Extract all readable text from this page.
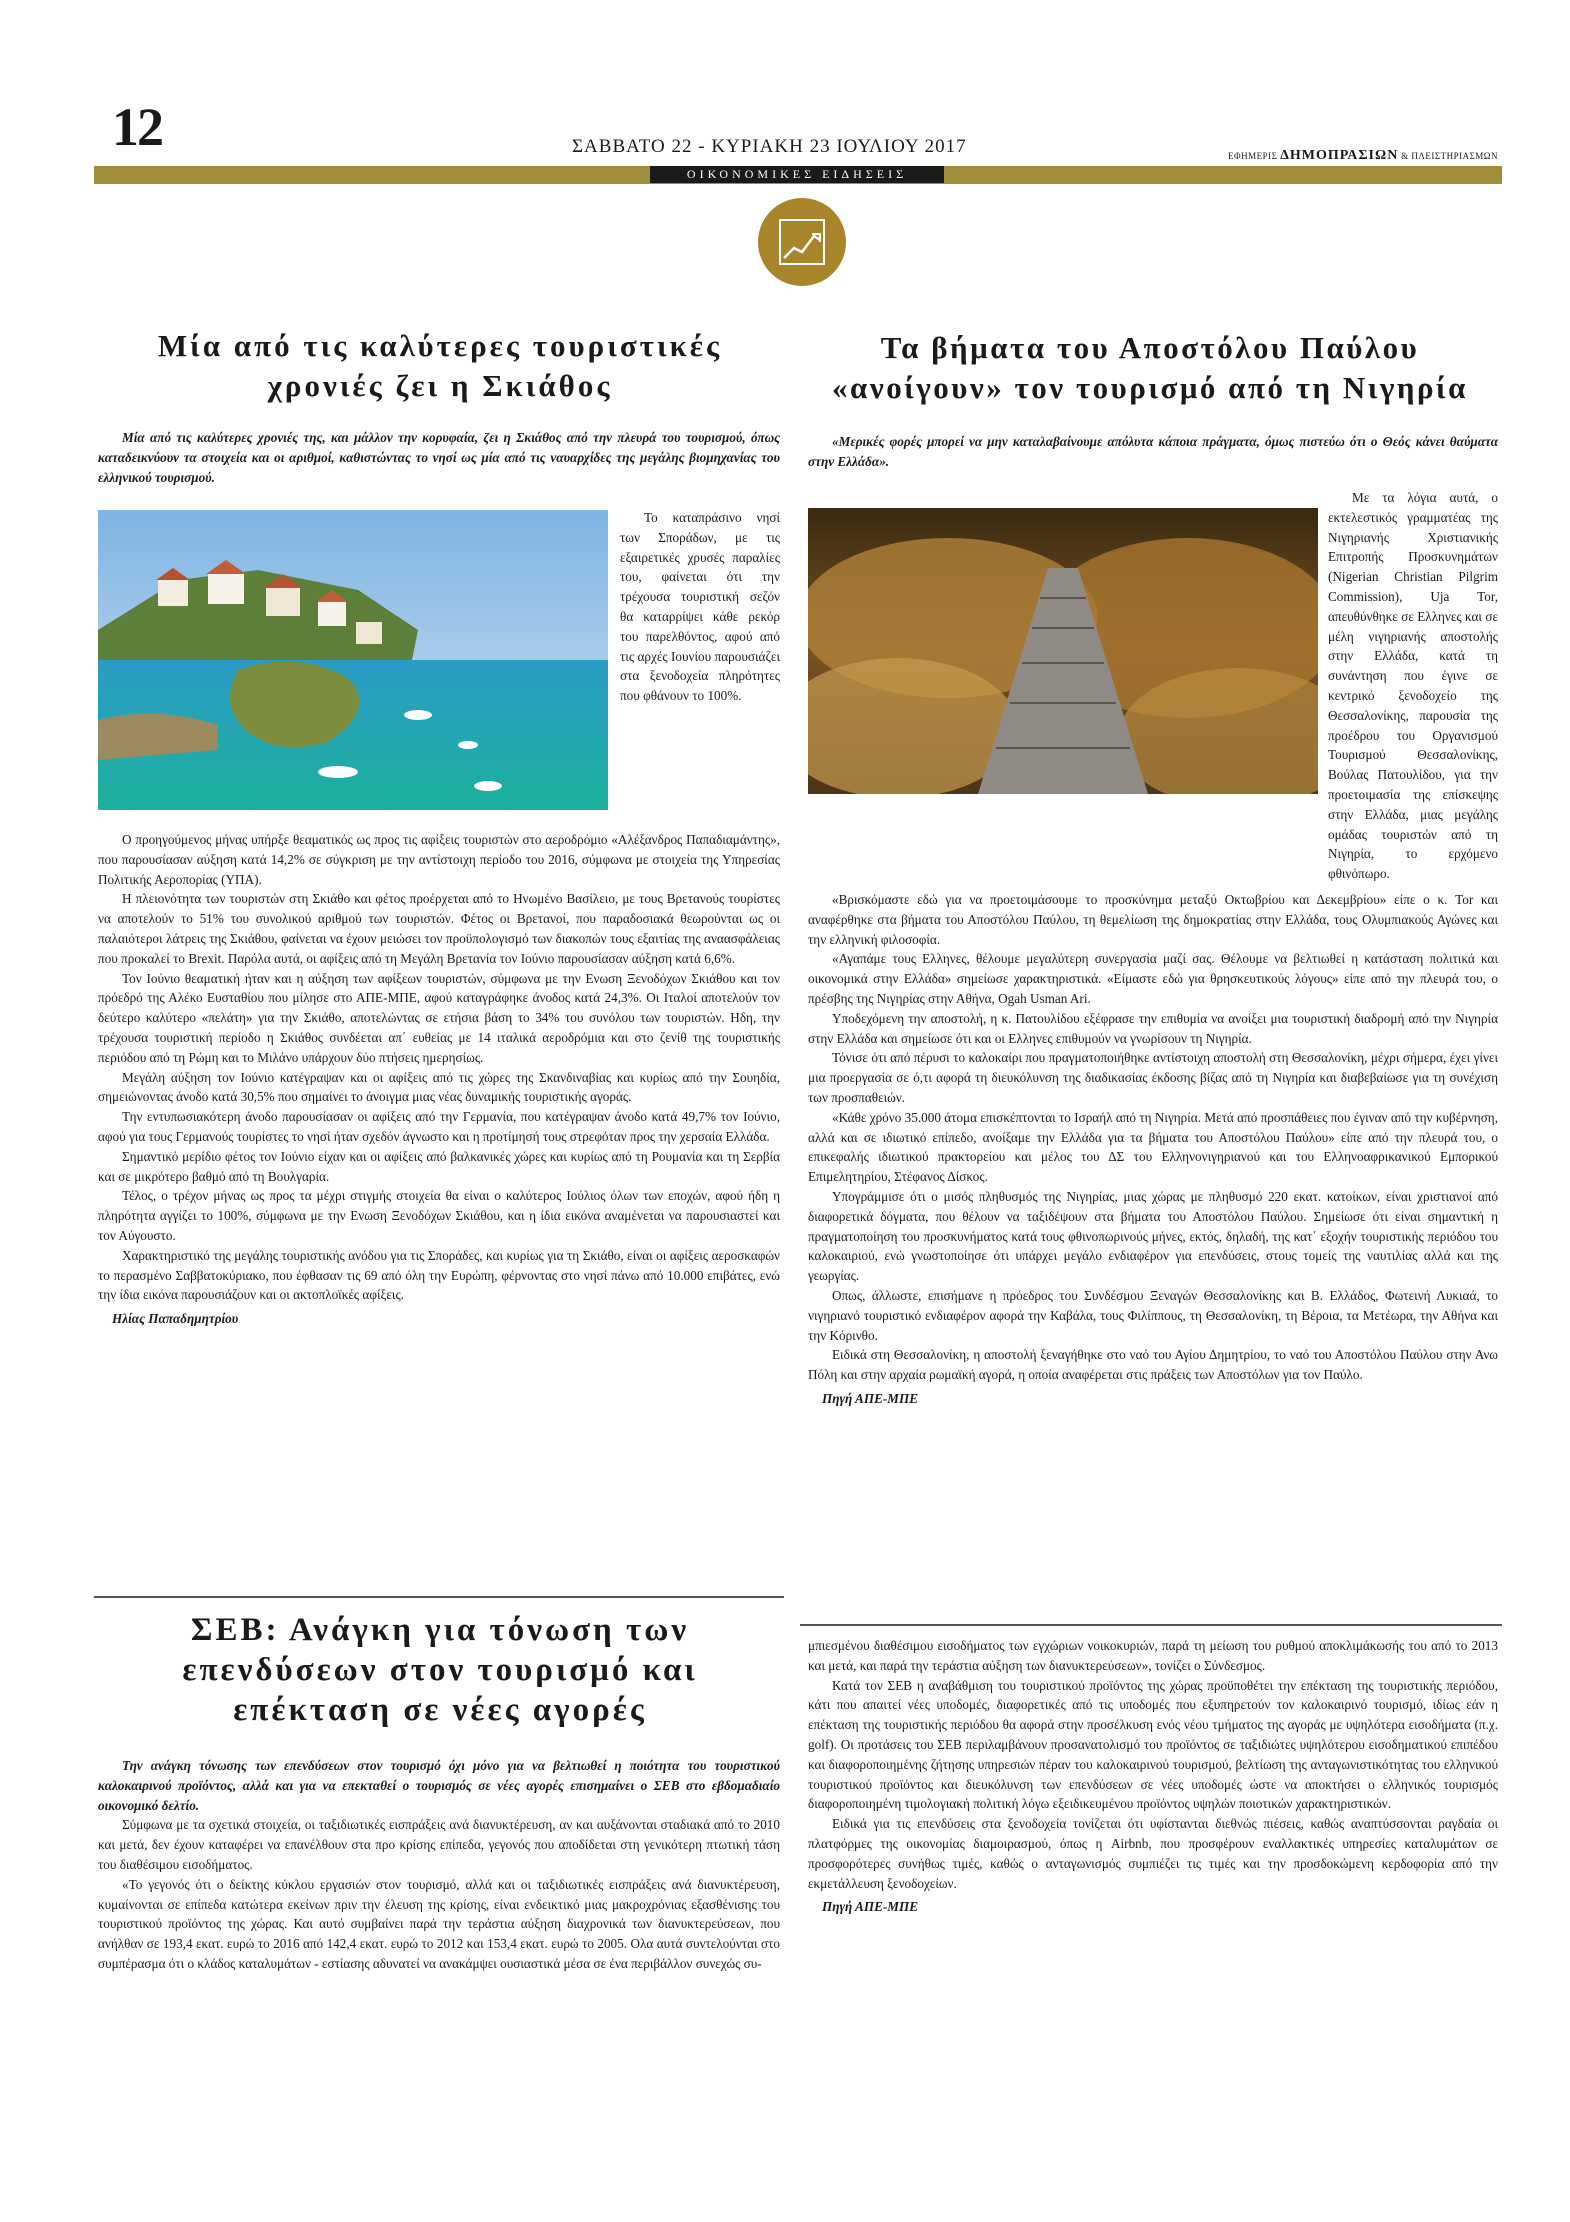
12	ΣΑΒΒΑΤΟ 22 - ΚΥΡΙΑΚΗ 23 ΙΟΥΛΙΟΥ 2017	ΕΦΗΜΕΡΙΣ ΔΗΜΟΠΡΑΣΙΩΝ & ΠΛΕΙΣΤΗΡΙΑΣΜΩΝ
ΟΙΚΟΝΟΜΙΚΕΣ ΕΙΔΗΣΕΙΣ
Μία από τις καλύτερες τουριστικές
χρονιές ζει η Σκιάθος

Μία από τις καλύτερες χρονιές της, και μάλλον την κορυφαία, ζει η Σκιάθος από την πλευρά του τουρισμού, όπως καταδεικνύουν τα στοιχεία και οι αριθμοί, καθιστώντας το νησί ως μία από τις ναυαρχίδες της μεγάλης βιομηχανίας του ελληνικού τουρισμού.

Το καταπράσινο νησί των Σποράδων, με τις εξαιρετικές χρυσές παραλίες του, φαίνεται ότι την τρέχουσα τουριστική σεζόν θα καταρρίψει κάθε ρεκόρ του παρελθόντος, αφού από τις αρχές Ιουνίου παρουσιάζει στα ξενοδοχεία πληρότητες που φθάνουν το 100%.

Ο προηγούμενος μήνας υπήρξε θεαματικός ως προς τις αφίξεις τουριστών στο αεροδρόμιο «Αλέξανδρος Παπαδιαμάντης», που παρουσίασαν αύξηση κατά 14,2% σε σύγκριση με την αντίστοιχη περίοδο του 2016, σύμφωνα με στοιχεία της Υπηρεσίας Πολιτικής Αεροπορίας (ΥΠΑ).

Η πλειονότητα των τουριστών στη Σκιάθο και φέτος προέρχεται από το Ηνωμένο Βασίλειο, με τους Βρετανούς τουρίστες να αποτελούν το 51% του συνολικού αριθμού των τουριστών. Φέτος οι Βρετανοί, που παραδοσιακά θεωρούνται ως οι παλαιότεροι λάτρεις της Σκιάθου, φαίνεται να έχουν μειώσει τον προϋπολογισμό των διακοπών τους εξαιτίας της αναασφάλειας που προκαλεί το Brexit. Παρόλα αυτά, οι αφίξεις από τη Μεγάλη Βρετανία τον Ιούνιο παρουσίασαν αύξηση κατά 6,6%.

Τον Ιούνιο θεαματική ήταν και η αύξηση των αφίξεων τουριστών, σύμφωνα με την Ενωση Ξενοδόχων Σκιάθου και τον πρόεδρό της Αλέκο Ευσταθίου που μίλησε στο ΑΠΕ-ΜΠΕ, αφού καταγράφηκε άνοδος κατά 24,3%. Οι Ιταλοί αποτελούν τον δεύτερο καλύτερο «πελάτη» για την Σκιάθο, αποτελώντας σε ετήσια βάση το 34% του συνόλου των τουριστών. Ηδη, την τρέχουσα τουριστική περίοδο η Σκιάθος συνδέεται απ΄ ευθείας με 14 ιταλικά αεροδρόμια και στο ζενίθ της τουριστικής περιόδου από τη Ρώμη και το Μιλάνο υπάρχουν δύο πτήσεις ημερησίως.

Μεγάλη αύξηση τον Ιούνιο κατέγραψαν και οι αφίξεις από τις χώρες της Σκανδιναβίας και κυρίως από την Σουηδία, σημειώνοντας άνοδο κατά 30,5% που σημαίνει το άνοιγμα μιας νέας δυναμικής τουριστικής αγοράς.

Την εντυπωσιακότερη άνοδο παρουσίασαν οι αφίξεις από την Γερμανία, που κατέγραψαν άνοδο κατά 49,7% τον Ιούνιο, αφού για τους Γερμανούς τουρίστες το νησί ήταν σχεδόν άγνωστο και η προτίμησή τους στρεφόταν προς την χερσαία Ελλάδα.

Σημαντικό μερίδιο φέτος τον Ιούνιο είχαν και οι αφίξεις από βαλκανικές χώρες και κυρίως από τη Ρουμανία και τη Σερβία και σε μικρότερο βαθμό από τη Βουλγαρία.

Τέλος, ο τρέχον μήνας ως προς τα μέχρι στιγμής στοιχεία θα είναι ο καλύτερος Ιούλιος όλων των εποχών, αφού ήδη η πληρότητα αγγίζει το 100%, σύμφωνα με την Ενωση Ξενοδόχων Σκιάθου, και η ίδια εικόνα αναμένεται να παρουσιαστεί και τον Αύγουστο.

Χαρακτηριστικό της μεγάλης τουριστικής ανόδου για τις Σποράδες, και κυρίως για τη Σκιάθο, είναι οι αφίξεις αεροσκαφών το περασμένο Σαββατοκύριακο, που έφθασαν τις 69 από όλη την Ευρώπη, φέρνοντας στο νησί πάνω από 10.000 επιβάτες, ενώ την ίδια εικόνα παρουσιάζουν και οι ακτοπλοϊκές αφίξεις.

Ηλίας Παπαδημητρίου

Τα βήματα του Αποστόλου Παύλου
«ανοίγουν» τον τουρισμό από τη Νιγηρία

«Μερικές φορές μπορεί να μην καταλαβαίνουμε απόλυτα κάποια πράγματα, όμως πιστεύω ότι ο Θεός κάνει θαύματα στην Ελλάδα».

Με τα λόγια αυτά, ο εκτελεστικός γραμματέας της Νιγηριανής Χριστιανικής Επιτροπής Προσκυνημάτων (Nigerian Christian Pilgrim Commission), Uja Tor, απευθύνθηκε σε Ελληνες και σε μέλη νιγηριανής αποστολής στην Ελλάδα, κατά τη συνάντηση που έγινε σε κεντρικό ξενοδοχείο της Θεσσαλονίκης, παρουσία της προέδρου του Οργανισμού Τουρισμού Θεσσαλονίκης, Βούλας Πατουλίδου, για την προετοιμασία της επίσκεψης στην Ελλάδα, μιας μεγάλης ομάδας τουριστών από τη Νιγηρία, το ερχόμενο φθινόπωρο.

«Βρισκόμαστε εδώ για να προετοιμάσουμε το προσκύνημα μεταξύ Οκτωβρίου και Δεκεμβρίου» είπε ο κ. Tor και αναφέρθηκε στα βήματα του Αποστόλου Παύλου, τη θεμελίωση της δημοκρατίας στην Ελλάδα, τους Ολυμπιακούς Αγώνες και την ελληνική φιλοσοφία.

«Αγαπάμε τους Ελληνες, θέλουμε μεγαλύτερη συνεργασία μαζί σας. Θέλουμε να βελτιωθεί η κατάσταση πολιτικά και οικονομικά στην Ελλάδα» σημείωσε χαρακτηριστικά. «Είμαστε εδώ για θρησκευτικούς λόγους» είπε από την πλευρά του, ο πρέσβης της Νιγηρίας στην Αθήνα, Ogah Usman Ari.

Υποδεχόμενη την αποστολή, η κ. Πατουλίδου εξέφρασε την επιθυμία να ανοίξει μια τουριστική διαδρομή από την Νιγηρία στην Ελλάδα και σημείωσε ότι και οι Ελληνες επιθυμούν να γνωρίσουν τη Νιγηρία.

Τόνισε ότι από πέρυσι το καλοκαίρι που πραγματοποιήθηκε αντίστοιχη αποστολή στη Θεσσαλονίκη, μέχρι σήμερα, έχει γίνει μια προεργασία σε ό,τι αφορά τη διευκόλυνση της διαδικασίας έκδοσης βίζας από τη Νιγηρία και διαβεβαίωσε για τη συνέχιση των προσπαθειών.

«Κάθε χρόνο 35.000 άτομα επισκέπτονται το Ισραήλ από τη Νιγηρία. Μετά από προσπάθειες που έγιναν από την κυβέρνηση, αλλά και σε ιδιωτικό επίπεδο, ανοίξαμε την Ελλάδα για τα βήματα του Αποστόλου Παύλου» είπε από την πλευρά του, ο επικεφαλής ιδιωτικού πρακτορείου και μέλος του ΔΣ του Ελληνονιγηριανού και του Ελληνοαφρικανικού Εμπορικού Επιμελητηρίου, Στέφανος Δίσκος.

Υπογράμμισε ότι ο μισός πληθυσμός της Νιγηρίας, μιας χώρας με πληθυσμό 220 εκατ. κατοίκων, είναι χριστιανοί από διαφορετικά δόγματα, που θέλουν να ταξιδέψουν στα βήματα του Αποστόλου Παύλου. Σημείωσε ότι είναι σημαντική η πραγματοποίηση του προσκυνήματος κατά τους φθινοπωρινούς μήνες, εκτός, δηλαδή, της κατ΄ εξοχήν τουριστικής περιόδου του καλοκαιριού, ενώ γνωστοποίησε ότι υπάρχει μεγάλο ενδιαφέρον για επενδύσεις, στους τομείς της ναυτιλίας αλλά και της γεωργίας.

Οπως, άλλωστε, επισήμανε η πρόεδρος του Συνδέσμου Ξεναγών Θεσσαλονίκης και Β. Ελλάδος, Φωτεινή Λυκιαά, το νιγηριανό τουριστικό ενδιαφέρον αφορά την Καβάλα, τους Φιλίππους, τη Θεσσαλονίκη, τη Βέροια, τα Μετέωρα, την Αθήνα και την Κόρινθο.

Ειδικά στη Θεσσαλονίκη, η αποστολή ξεναγήθηκε στο ναό του Αγίου Δημητρίου, το ναό του Αποστόλου Παύλου στην Ανω Πόλη και στην αρχαία ρωμαϊκή αγορά, η οποία αναφέρεται στις πράξεις των Αποστόλων για τον Παύλο.

Πηγή ΑΠΕ-ΜΠΕ

ΣΕΒ: Ανάγκη για τόνωση των
επενδύσεων στον τουρισμό και
επέκταση σε νέες αγορές

Την ανάγκη τόνωσης των επενδύσεων στον τουρισμό όχι μόνο για να βελτιωθεί η ποιότητα του τουριστικού καλοκαιρινού προϊόντος, αλλά και για να επεκταθεί ο τουρισμός σε νέες αγορές επισημαίνει ο ΣΕΒ στο εβδομαδιαίο οικονομικό δελτίο.

Σύμφωνα με τα σχετικά στοιχεία, οι ταξιδιωτικές εισπράξεις ανά διανυκτέρευση, αν και αυξάνονται σταδιακά από το 2010 και μετά, δεν έχουν καταφέρει να επανέλθουν στα προ κρίσης επίπεδα, γεγονός που αποδίδεται στη γενικότερη πτωτική τάση του διαθέσιμου εισοδήματος.

«Το γεγονός ότι ο δείκτης κύκλου εργασιών στον τουρισμό, αλλά και οι ταξιδιωτικές εισπράξεις ανά διανυκτέρευση, κυμαίνονται σε επίπεδα κατώτερα εκείνων πριν την έλευση της κρίσης, είναι ενδεικτικό μιας μακροχρόνιας εξασθένισης του τουριστικού προϊόντος της χώρας. Και αυτό συμβαίνει παρά την τεράστια αύξηση διαχρονικά των διανυκτερεύσεων, που ανήλθαν σε 193,4 εκατ. ευρώ το 2016 από 142,4 εκατ. ευρώ το 2012 και 153,4 εκατ. ευρώ το 2005. Ολα αυτά συντελούνται στο συμπέρασμα ότι ο κλάδος καταλυμάτων - εστίασης αδυνατεί να ανακάμψει ουσιαστικά μέσα σε ένα περιβάλλον συνεχώς συ-

μπιεσμένου διαθέσιμου εισοδήματος των εγχώριων νοικοκυριών, παρά τη μείωση του ρυθμού αποκλιμάκωσής του από το 2013 και μετά, και παρά την τεράστια αύξηση των διανυκτερεύσεων», τονίζει ο Σύνδεσμος.

Κατά τον ΣΕΒ η αναβάθμιση του τουριστικού προϊόντος της χώρας προϋποθέτει την επέκταση της τουριστικής περιόδου, κάτι που απαιτεί νέες υποδομές, διαφορετικές από τις υποδομές που εξυπηρετούν τον καλοκαιρινό τουρισμό, ιδίως εάν η επέκταση της τουριστικής περιόδου θα αφορά στην προσέλκυση ενός νέου τμήματος της αγοράς με υψηλότερα εισοδήματα (π.χ. golf). Οι προτάσεις του ΣΕΒ περιλαμβάνουν προσανατολισμό του προϊόντος σε ταξιδιώτες υψηλότερου εισοδηματικού επιπέδου και διαφοροποιημένης ζήτησης υπηρεσιών πέραν του καλοκαιρινού τουρισμού, βελτίωση της ανταγωνιστικότητας του ελληνικού τουριστικού προϊόντος και διευκόλυνση των επενδύσεων σε νέες υποδομές ώστε να αποκτήσει ο ελληνικός τουρισμός διαφοροποιημένη τιμολογιακή πολιτική λόγω εξειδικευμένου προϊόντος υψηλών ποιοτικών χαρακτηριστικών.

Ειδικά για τις επενδύσεις στα ξενοδοχεία τονίζεται ότι υφίστανται διεθνώς πιέσεις, καθώς αναπτύσσονται ραγδαία οι πλατφόρμες της οικονομίας διαμοιρασμού, όπως η Airbnb, που προσφέρουν εναλλακτικές υπηρεσίες καταλυμάτων σε προσφορότερες συνήθως τιμές, καθώς ο ανταγωνισμός συμπιέζει τις τιμές και την προσδοκώμενη κερδοφορία από την εκμετάλλευση ξενοδοχείων.

Πηγή ΑΠΕ-ΜΠΕ
